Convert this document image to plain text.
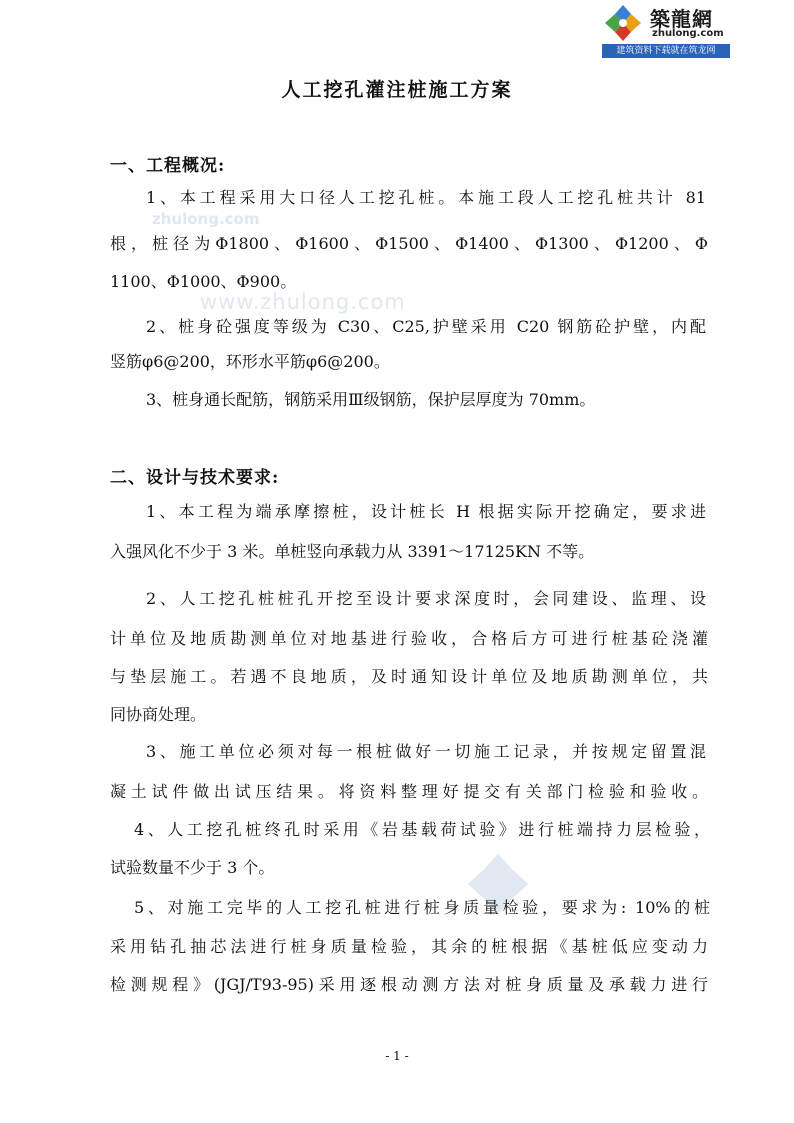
築龍網
zhulong.com
建筑资料下载就在筑龙网
zhulong.com
www.zhulong.com
人工挖孔灌注桩施工方案
一、工程概况:
1、本工程采用大口径人工挖孔桩。本施工段人工挖孔桩共计 81
根，桩径为Φ1800、Φ1600、Φ1500、Φ1400、Φ1300、Φ1200、Φ
1100、Φ1000、Φ900。
2、桩身砼强度等级为 C30、C25,护壁采用 C20 钢筋砼护壁，内配
竖筋φ6@200，环形水平筋φ6@200。
3、桩身通长配筋，钢筋采用Ⅲ级钢筋，保护层厚度为 70mm。
二、设计与技术要求:
1、本工程为端承摩擦桩，设计桩长 H 根据实际开挖确定，要求进
入强风化不少于 3 米。单桩竖向承载力从 3391～17125KN 不等。
2、人工挖孔桩桩孔开挖至设计要求深度时，会同建设、监理、设
计单位及地质勘测单位对地基进行验收，合格后方可进行桩基砼浇灌
与垫层施工。若遇不良地质，及时通知设计单位及地质勘测单位，共
同协商处理。
3、施工单位必须对每一根桩做好一切施工记录，并按规定留置混
凝土试件做出试压结果。将资料整理好提交有关部门检验和验收。
4、人工挖孔桩终孔时采用《岩基载荷试验》进行桩端持力层检验，
试验数量不少于 3 个。
5、对施工完毕的人工挖孔桩进行桩身质量检验，要求为: 10%的桩
采用钻孔抽芯法进行桩身质量检验，其余的桩根据《基桩低应变动力
检测规程》(JGJ/T93-95)采用逐根动测方法对桩身质量及承载力进行
- 1 -
